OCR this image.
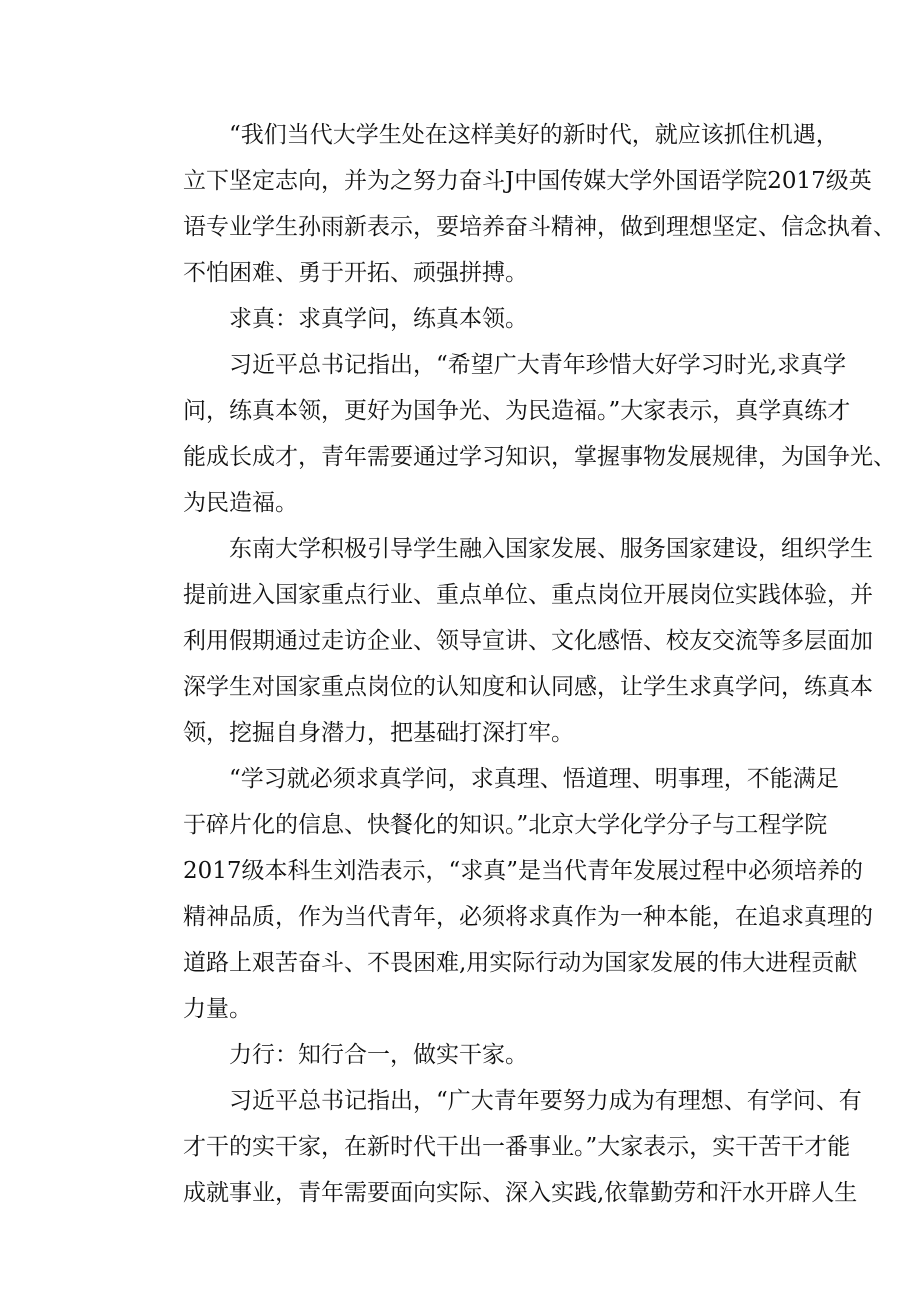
“我们当代大学生处在这样美好的新时代，就应该抓住机遇，
立下坚定志向，并为之努力奋斗J中国传媒大学外国语学院2017级英
语专业学生孙雨新表示，要培养奋斗精神，做到理想坚定、信念执着、
不怕困难、勇于开拓、顽强拼搏。
求真：求真学问，练真本领。
习近平总书记指出，“希望广大青年珍惜大好学习时光,求真学
问，练真本领，更好为国争光、为民造福。”大家表示，真学真练才
能成长成才，青年需要通过学习知识，掌握事物发展规律，为国争光、
为民造福。
东南大学积极引导学生融入国家发展、服务国家建设，组织学生
提前进入国家重点行业、重点单位、重点岗位开展岗位实践体验，并
利用假期通过走访企业、领导宣讲、文化感悟、校友交流等多层面加
深学生对国家重点岗位的认知度和认同感，让学生求真学问，练真本
领，挖掘自身潜力，把基础打深打牢。
“学习就必须求真学问，求真理、悟道理、明事理，不能满足
于碎片化的信息、快餐化的知识。”北京大学化学分子与工程学院
2017级本科生刘浩表示，“求真”是当代青年发展过程中必须培养的
精神品质，作为当代青年，必须将求真作为一种本能，在追求真理的
道路上艰苦奋斗、不畏困难,用实际行动为国家发展的伟大进程贡献
力量。
力行：知行合一，做实干家。
习近平总书记指出，“广大青年要努力成为有理想、有学问、有
才干的实干家，在新时代干出一番事业。”大家表示，实干苦干才能
成就事业，青年需要面向实际、深入实践,依靠勤劳和汗水开辟人生
